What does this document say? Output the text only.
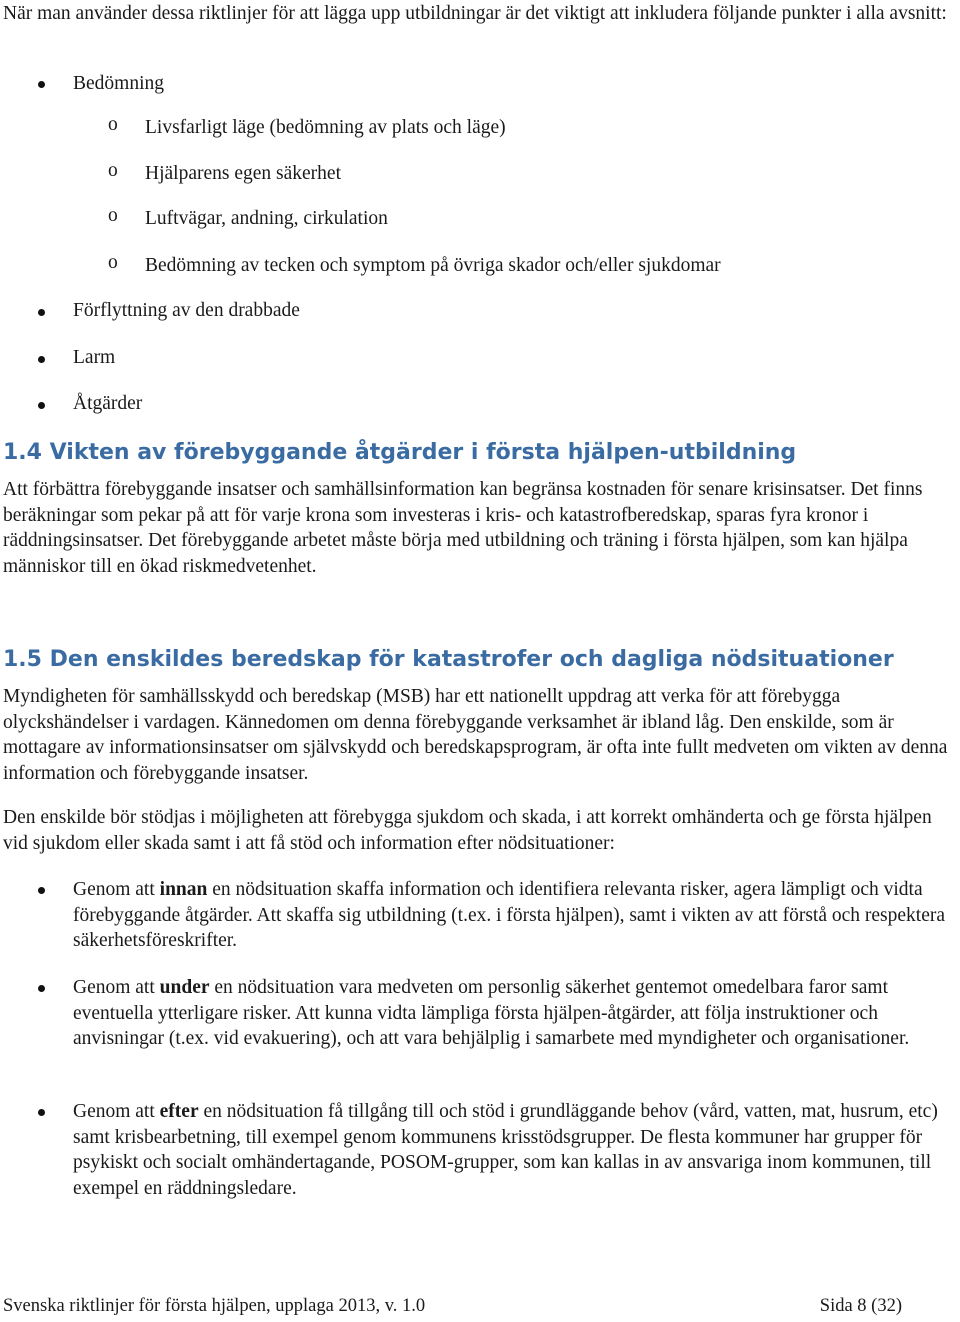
När man använder dessa riktlinjer för att lägga upp utbildningar är det viktigt att inkludera följande punkter i alla avsnitt:
Bedömning
o Livsfarligt läge (bedömning av plats och läge)
o Hjälparens egen säkerhet
o Luftvägar, andning, cirkulation
o Bedömning av tecken och symptom på övriga skador och/eller sjukdomar
Förflyttning av den drabbade
Larm
Åtgärder
1.4 Vikten av förebyggande åtgärder i första hjälpen-utbildning
Att förbättra förebyggande insatser och samhällsinformation kan begränsa kostnaden för senare krisinsatser. Det finns beräkningar som pekar på att för varje krona som investeras i kris- och katastrofberedskap, sparas fyra kronor i räddningsinsatser. Det förebyggande arbetet måste börja med utbildning och träning i första hjälpen, som kan hjälpa människor till en ökad riskmedvetenhet.
1.5 Den enskildes beredskap för katastrofer och dagliga nödsituationer
Myndigheten för samhällsskydd och beredskap (MSB) har ett nationellt uppdrag att verka för att förebygga olyckshändelser i vardagen. Kännedomen om denna förebyggande verksamhet är ibland låg. Den enskilde, som är mottagare av informationsinsatser om självskydd och beredskapsprogram, är ofta inte fullt medveten om vikten av denna information och förebyggande insatser.
Den enskilde bör stödjas i möjligheten att förebygga sjukdom och skada, i att korrekt omhänderta och ge första hjälpen vid sjukdom eller skada samt i att få stöd och information efter nödsituationer:
Genom att innan en nödsituation skaffa information och identifiera relevanta risker, agera lämpligt och vidta förebyggande åtgärder. Att skaffa sig utbildning (t.ex. i första hjälpen), samt i vikten av att förstå och respektera säkerhetsföreskrifter.
Genom att under en nödsituation vara medveten om personlig säkerhet gentemot omedelbara faror samt eventuella ytterligare risker. Att kunna vidta lämpliga första hjälpen-åtgärder, att följa instruktioner och anvisningar (t.ex. vid evakuering), och att vara behjälplig i samarbete med myndigheter och organisationer.
Genom att efter en nödsituation få tillgång till och stöd i grundläggande behov (vård, vatten, mat, husrum, etc) samt krisbearbetning, till exempel genom kommunens krisstödsgrupper. De flesta kommuner har grupper för psykiskt och socialt omhändertagande, POSOM-grupper, som kan kallas in av ansvariga inom kommunen, till exempel en räddningsledare.
Svenska riktlinjer för första hjälpen, upplaga 2013, v. 1.0	Sida 8 (32)
